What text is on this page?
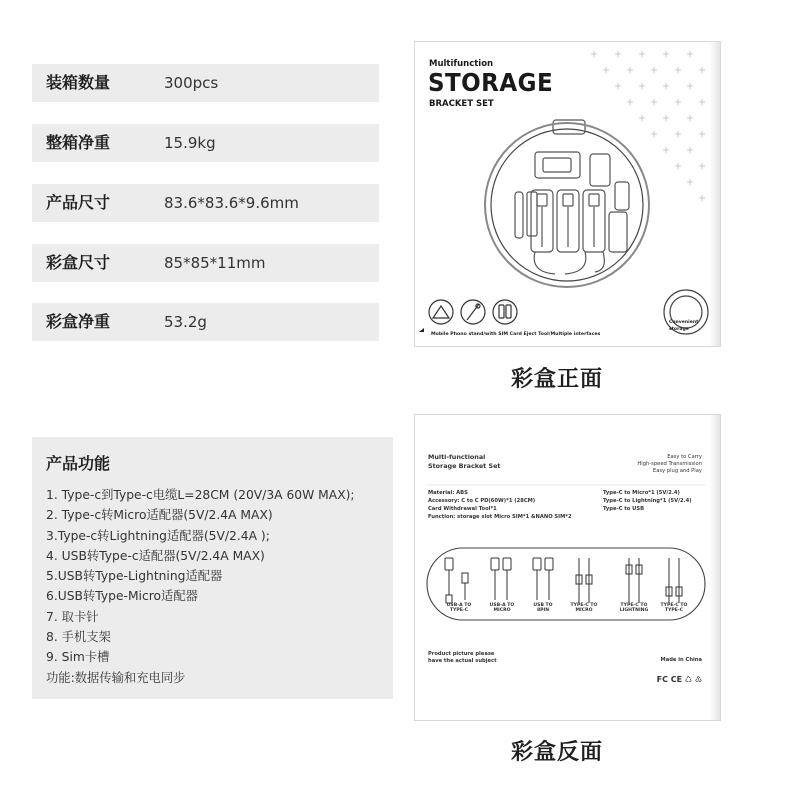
装箱数量	300pcs
整箱净重	15.9kg
产品尺寸	83.6*83.6*9.6mm
彩盒尺寸	85*85*11mm
彩盒净重	53.2g
产品功能
1. Type-c到Type-c电缆L=28CM (20V/3A 60W MAX);
2. Type-c转Micro适配器(5V/2.4A MAX)
3.Type-c转Lightning适配器(5V/2.4A );
4. USB转Type-c适配器(5V/2.4A MAX)
5.USB转Type-Lightning适配器
6.USB转Type-Micro适配器
7. 取卡针
8. 手机支架
9. Sim卡槽
功能:数据传输和充电同步
Multifunction
STORAGE
BRACKET SET
Mobile Phono stand/with SIM Card Eject Tool/Multiple interfaces
Convenient
storage
彩盒正面
Multi-functional
Storage Bracket Set
Easy to Carry
High-speed Transmission
Easy plug and Play
Material: ABS
Accessory: C to C PD(60W)*1 (28CM)
Card Withdrawal Tool*1
Function: storage slot Micro SIM*1 &NANO SIM*2
Type-C to Micro*1 (5V/2.4)
Type-C to Lightning*1 (5V/2.4)
Type-C to USB
USB-A TO
TYPE-C
USB-A TO
MICRO
USB TO
8PIN
TYPE-C TO
MICRO
TYPE-C TO
LIGHTNING
TYPE-C TO
TYPE-C
Product picture please
have the actual subject	Made in China
FC CE ♺ ♳
彩盒反面
